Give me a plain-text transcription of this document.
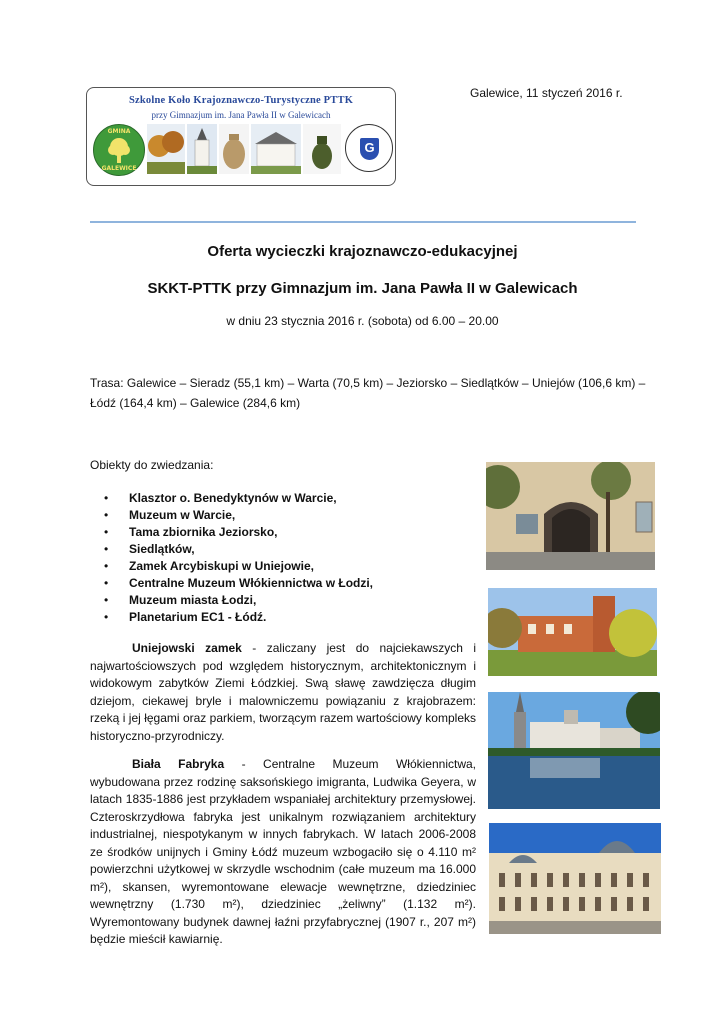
Galewice, 11 styczeń 2016 r.
Szkolne Koło Krajoznawczo-Turystyczne PTTK
przy Gimnazjum im. Jana Pawła II w Galewicach
GMINA
GALEWICE
G
Oferta wycieczki krajoznawczo-edukacyjnej
SKKT-PTTK przy Gimnazjum im. Jana Pawła II w Galewicach
w dniu 23 stycznia 2016 r. (sobota) od 6.00 – 20.00
Trasa: Galewice – Sieradz (55,1 km) – Warta (70,5 km) – Jeziorsko – Siedlątków – Uniejów (106,6 km) – Łódź (164,4 km) – Galewice (284,6 km)
Obiekty do zwiedzania:
• Klasztor o. Benedyktynów w Warcie,
• Muzeum w Warcie,
• Tama zbiornika Jeziorsko,
• Siedlątków,
• Zamek Arcybiskupi w Uniejowie,
• Centralne Muzeum Włókiennictwa w Łodzi,
• Muzeum miasta Łodzi,
• Planetarium EC1 - Łódź.
Uniejowski zamek - zaliczany jest do najciekawszych i najwartościowszych pod względem historycznym, architektonicznym i widokowym zabytków Ziemi Łódzkiej. Swą sławę zawdzięcza długim dziejom, ciekawej bryle i malowniczemu powiązaniu z krajobrazem: rzeką i jej łęgami oraz parkiem, tworzącym razem wartościowy kompleks historyczno-przyrodniczy.
Biała Fabryka - Centralne Muzeum Włókiennictwa, wybudowana przez rodzinę saksońskiego imigranta, Ludwika Geyera, w latach 1835-1886 jest przykładem wspaniałej architektury przemysłowej. Czteroskrzydłowa fabryka jest unikalnym rozwiązaniem architektury industrialnej, niespotykanym w innych fabrykach. W latach 2006-2008 ze środków unijnych i Gminy Łódź muzeum wzbogaciło się o 4.110 m² powierzchni użytkowej w skrzydle wschodnim (całe muzeum ma 16.000 m²), skansen, wyremontowane elewacje wewnętrzne, dziedziniec wewnętrzny (1.730 m²), dziedziniec „żeliwny” (1.132 m²). Wyremontowany budynek dawnej łaźni przyfabrycznej (1907 r., 207 m²) będzie mieścił kawiarnię.
